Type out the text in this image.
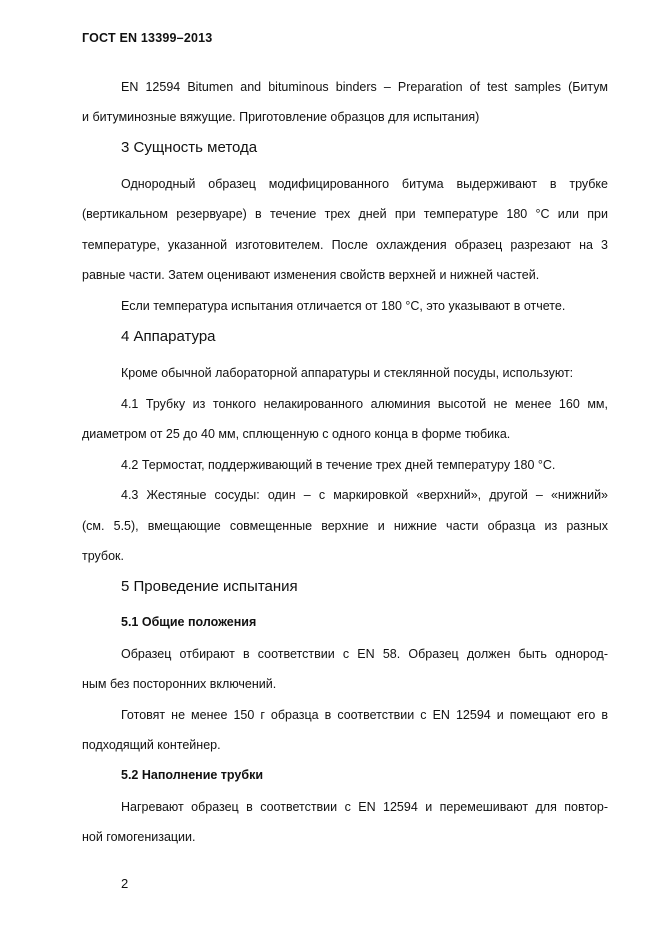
ГОСТ EN 13399–2013
EN 12594 Bitumen and bituminous binders – Preparation of test samples (Битум
и битуминозные вяжущие. Приготовление образцов для испытания)
3 Сущность метода
Однородный образец модифицированного битума выдерживают в трубке
(вертикальном резервуаре) в течение трех дней при температуре 180 °С или при
температуре, указанной изготовителем. После охлаждения образец разрезают на 3
равные части. Затем оценивают изменения свойств верхней и нижней частей.
Если температура испытания отличается от 180 °С, это указывают в отчете.
4 Аппаратура
Кроме обычной лабораторной аппаратуры и стеклянной посуды, используют:
4.1 Трубку из тонкого нелакированного алюминия высотой не менее 160 мм,
диаметром от 25 до 40 мм, сплющенную с одного конца в форме тюбика.
4.2 Термостат, поддерживающий в течение трех дней температуру 180 °С.
4.3 Жестяные сосуды: один – с маркировкой «верхний», другой – «нижний»
(см. 5.5), вмещающие совмещенные верхние и нижние части образца из разных
трубок.
5 Проведение испытания
5.1 Общие положения
Образец отбирают в соответствии с EN 58. Образец должен быть однород-
ным без посторонних включений.
Готовят не менее 150 г образца в соответствии с EN 12594 и помещают его в
подходящий контейнер.
5.2 Наполнение трубки
Нагревают образец в соответствии с EN 12594 и перемешивают для повтор-
ной гомогенизации.
2
